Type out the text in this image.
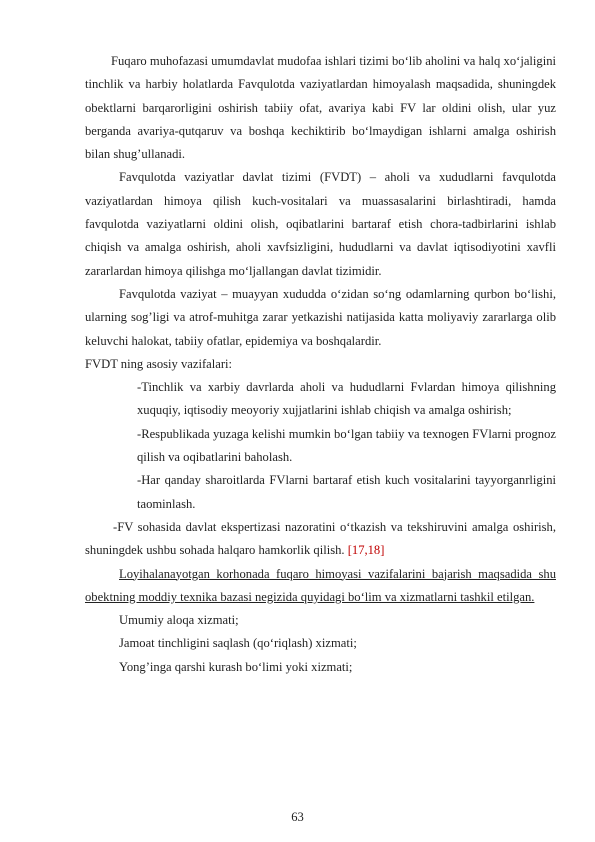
Fuqaro muhofazasi umumdavlat mudofaa ishlari tizimi bo‘lib aholini va halq xo‘jaligini tinchlik va harbiy holatlarda Favqulotda vaziyatlardan himoyalash maqsadida, shuningdek obektlarni barqarorligini oshirish tabiiy ofat, avariya kabi FV lar oldini olish, ular yuz berganda avariya-qutqaruv va boshqa kechiktirib bo‘lmaydigan ishlarni amalga oshirish bilan shug’ullanadi.

Favqulotda vaziyatlar davlat tizimi (FVDT) – aholi va xududlarni favqulotda vaziyatlardan himoya qilish kuch-vositalari va muassasalarini birlashtiradi, hamda favqulotda vaziyatlarni oldini olish, oqibatlarini bartaraf etish chora-tadbirlarini ishlab chiqish va amalga oshirish, aholi xavfsizligini, hududlarni va davlat iqtisodiyotini xavfli zararlardan himoya qilishga mo‘ljallangan davlat tizimidir.

Favqulotda vaziyat – muayyan xududda o‘zidan so‘ng odamlarning qurbon bo‘lishi, ularning sog’ligi va atrof-muhitga zarar yetkazishi natijasida katta moliyaviy zararlarga olib keluvchi halokat, tabiiy ofatlar, epidemiya va boshqalardir.

FVDT ning asosiy vazifalari:

-Tinchlik va xarbiy davrlarda aholi va hududlarni Fvlardan himoya qilishning xuquqiy, iqtisodiy meoyoriy xujjatlarini ishlab chiqish va amalga oshirish;
-Respublikada yuzaga kelishi mumkin bo‘lgan tabiiy va texnogen FVlarni prognoz qilish va oqibatlarini baholash.
-Har qanday sharoitlarda FVlarni bartaraf etish kuch vositalarini tayyorganrligini taominlash.

-FV sohasida davlat ekspertizasi nazoratini o‘tkazish va tekshiruvini amalga oshirish, shuningdek ushbu sohada halqaro hamkorlik qilish. [17,18]

Loyihalanayotgan korhonada fuqaro himoyasi vazifalarini bajarish maqsadida shu obektning moddiy texnika bazasi negizida quyidagi bo‘lim va xizmatlarni tashkil etilgan.

Umumiy aloqa xizmati;
Jamoat tinchligini saqlash (qo‘riqlash) xizmati;
Yong’inga qarshi kurash bo‘limi yoki xizmati;
63
